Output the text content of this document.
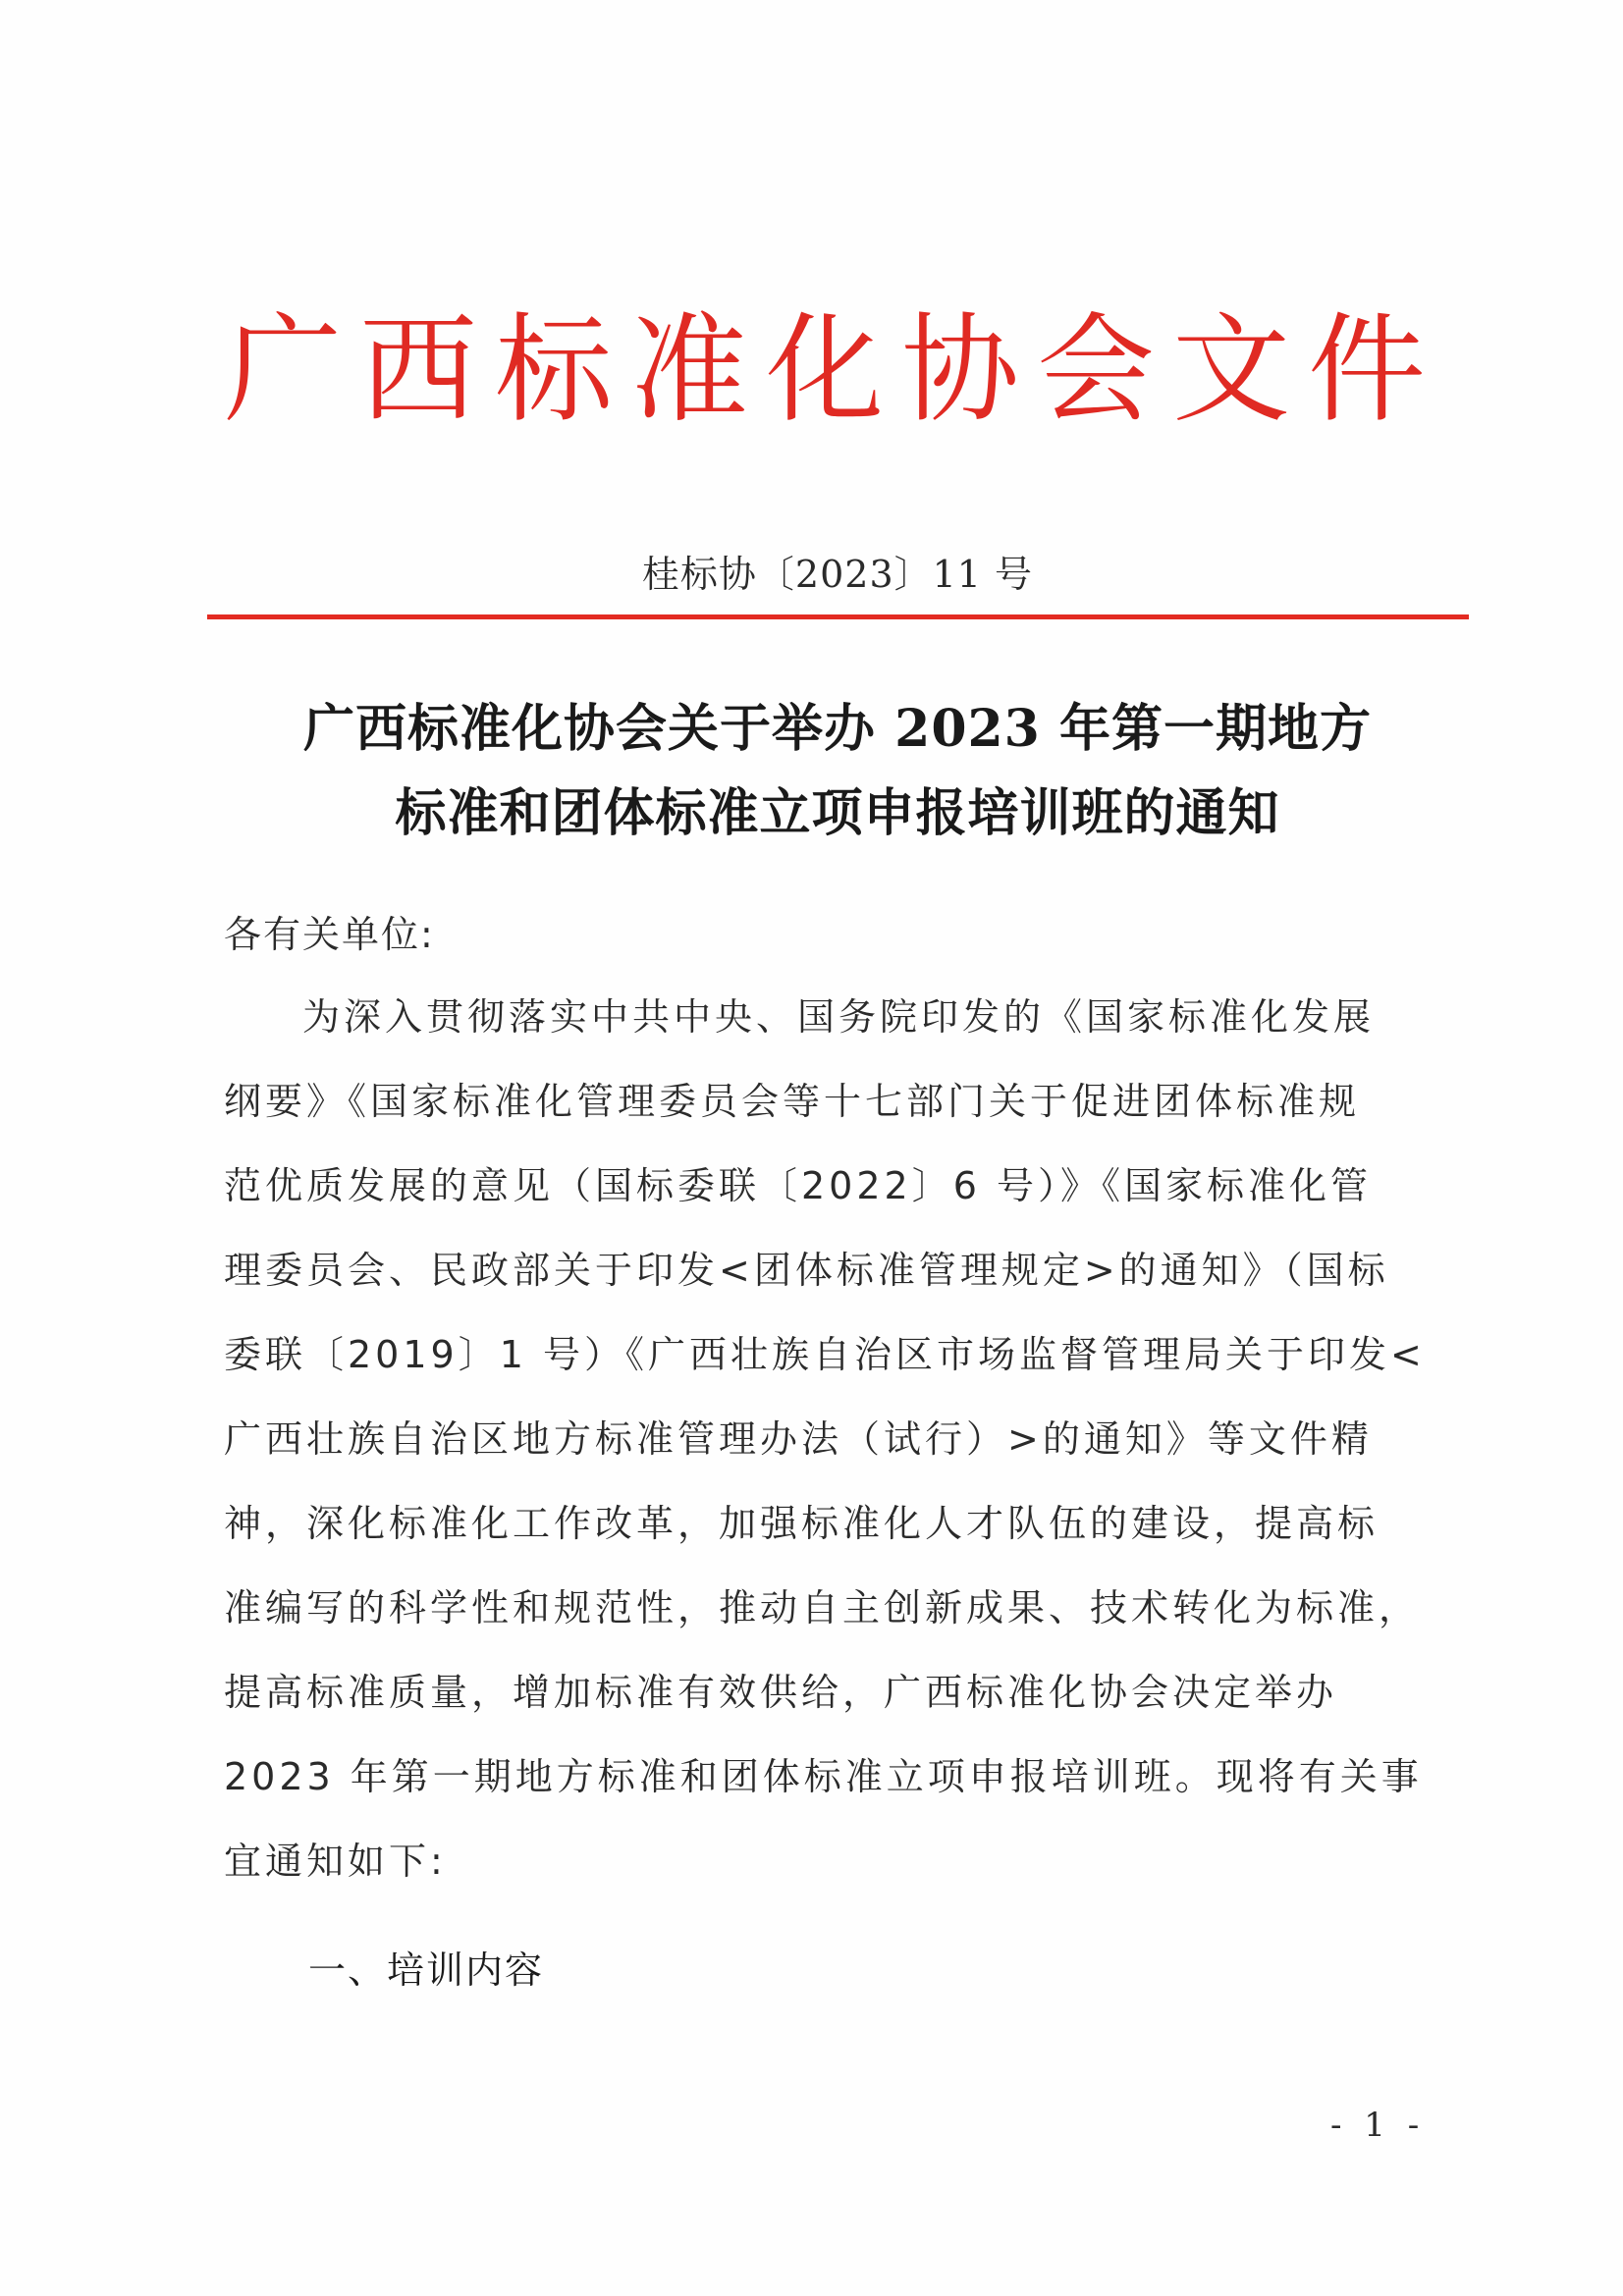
广西标准化协会文件
桂标协〔2023〕11 号
广西标准化协会关于举办 2023 年第一期地方
标准和团体标准立项申报培训班的通知
各有关单位:
为深入贯彻落实中共中央、国务院印发的《国家标准化发展
纲要》《国家标准化管理委员会等十七部门关于促进团体标准规
范优质发展的意见（国标委联〔2022〕6 号）》《国家标准化管
理委员会、民政部关于印发<团体标准管理规定>的通知》（国标
委联〔2019〕1 号）《广西壮族自治区市场监督管理局关于印发<
广西壮族自治区地方标准管理办法（试行）>的通知》等文件精
神，深化标准化工作改革，加强标准化人才队伍的建设，提高标
准编写的科学性和规范性，推动自主创新成果、技术转化为标准，
提高标准质量，增加标准有效供给，广西标准化协会决定举办
2023 年第一期地方标准和团体标准立项申报培训班。现将有关事
宜通知如下:
一、培训内容
- 1 -
